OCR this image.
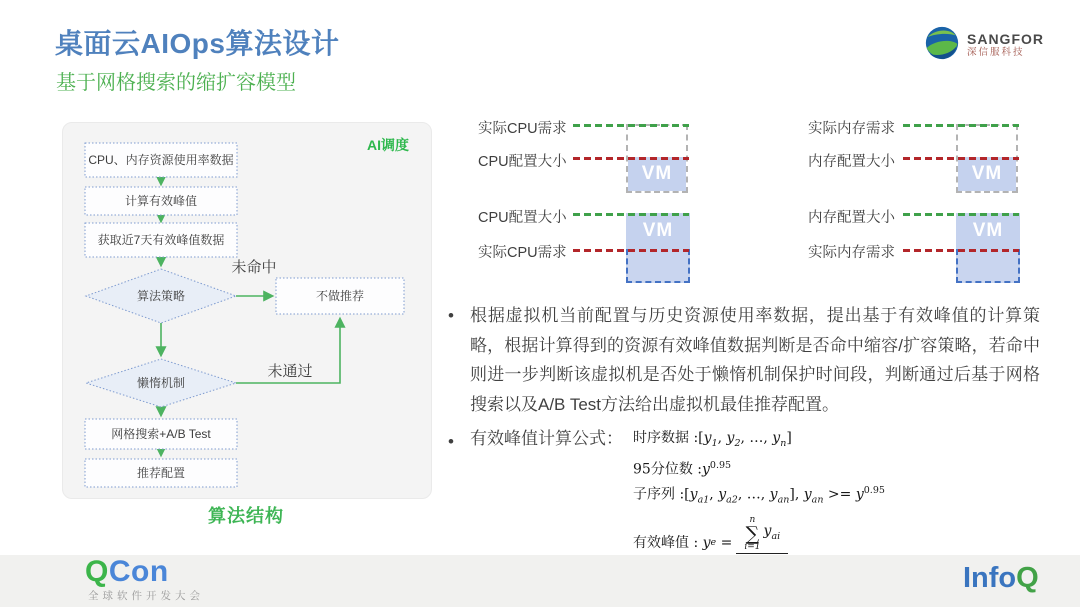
桌面云AIOps算法设计
基于网格搜索的缩扩容模型
SANGFOR
深信服科技
AI调度
CPU、内存资源使用率数据
计算有效峰值
获取近7天有效峰值数据
算法策略	不做推荐
懒惰机制
网格搜索+A/B Test
推荐配置
未命中
未通过
算法结构
实际CPU需求
CPU配置大小
VM
实际内存需求
内存配置大小
VM
CPU配置大小
实际CPU需求
VM
内存配置大小
实际内存需求
VM
• 根据虚拟机当前配置与历史资源使用率数据，提出基于有效峰值的计算策略，根据计算得到的资源有效峰值数据判断是否命中缩容/扩容策略，若命中则进一步判断该虚拟机是否处于懒惰机制保护时间段，判断通过后基于网格搜索以及A/B Test方法给出虚拟机最佳推荐配置。
• 有效峰值计算公式： 时序数据 $:[y_1$, $y_2$, …, $y_n$]
95分位数 $:y^{0.95}$
子序列 $:[y_{a1}$, $y_{a2}$, …, $y_{an}$], $y_{an} >= y^{0.95}$
有效峰值 :
y e
=
n
∑
i=1
$y_{ai}$
QCon
全球软件开发大会
InfoQ
